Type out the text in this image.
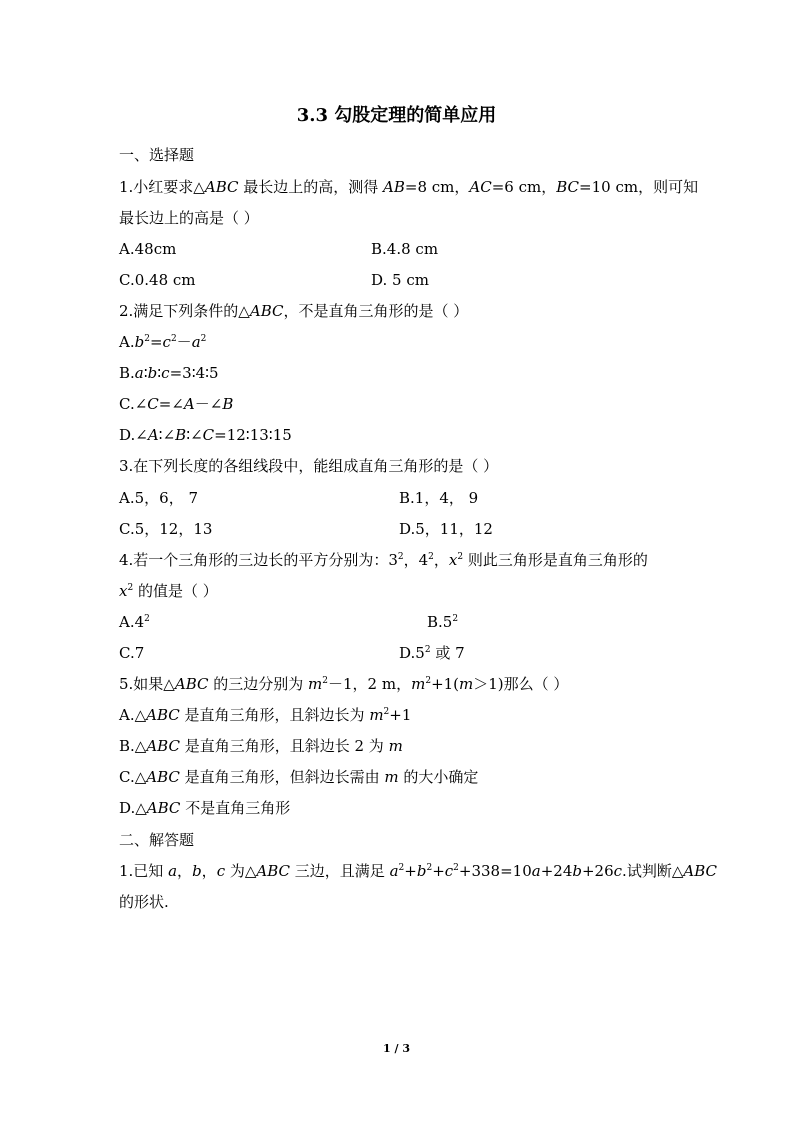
3.3 勾股定理的简单应用
一、选择题
1.小红要求△ABC 最长边上的高，测得 AB=8 cm，AC=6 cm，BC=10 cm，则可知
最长边上的高是（ ）
A.48cm	B.4.8 cm
C.0.48 cm	D. 5 cm
2.满足下列条件的△ABC，不是直角三角形的是（ ）
$A.b^2=c^2-a^2$
B.a∶b∶c=3∶4∶5
C.∠C=∠A－∠B
D.∠A∶∠B∶∠C=12∶13∶15
3.在下列长度的各组线段中，能组成直角三角形的是（ ）
A.5，6， 7	B.1，4， 9
C.5，12，13	D.5，11，12
4.若一个三角形的三边长的平方分别为：$3^2$，$4^2$，$x^2$ 则此三角形是直角三角形的
$x^2$ 的值是（ ）
$A.4^2$	$B.5^2$
C.7	$D.5^2$ 或 7
5.如果△ABC 的三边分别为 $m^2-1$，2 m，$m^2+1(m>1)$那么（ ）
A.△ABC 是直角三角形，且斜边长为 $m^2+1$
B.△ABC 是直角三角形，且斜边长 2 为 m
C.△ABC 是直角三角形，但斜边长需由 m 的大小确定
D.△ABC 不是直角三角形
二、解答题
1.已知 a，b，c 为△ABC 三边，且满足 $a^2+b^2+c^2+338=10a+24b+26c$.试判断△ABC
的形状.
1 / 3
